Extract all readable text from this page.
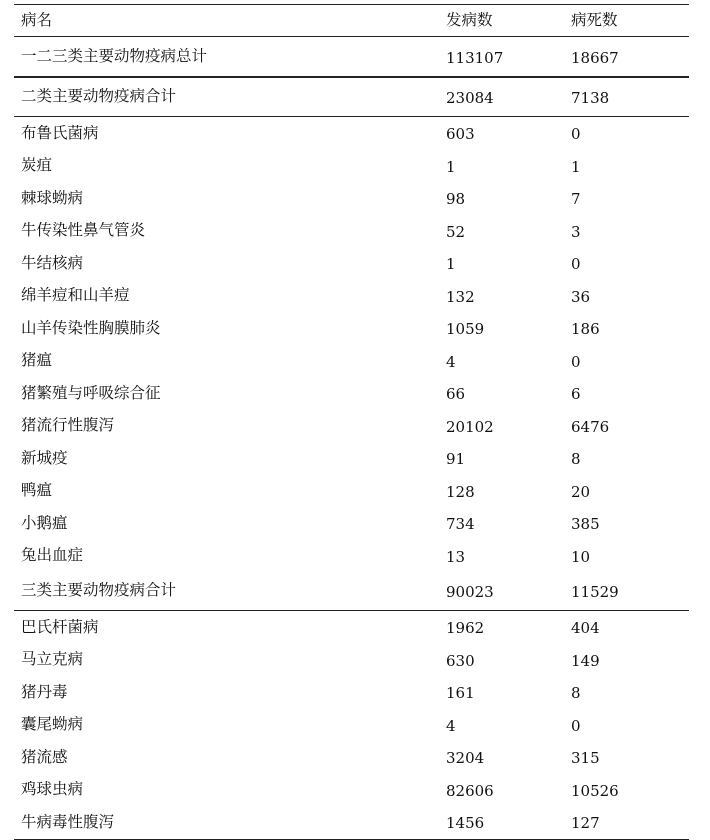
病名	发病数	病死数
一二三类主要动物疫病总计	113107	18667
二类主要动物疫病合计	23084	7138
布鲁氏菌病	603	0
炭疽	1	1
棘球蚴病	98	7
牛传染性鼻气管炎	52	3
牛结核病	1	0
绵羊痘和山羊痘	132	36
山羊传染性胸膜肺炎	1059	186
猪瘟	4	0
猪繁殖与呼吸综合征	66	6
猪流行性腹泻	20102	6476
新城疫	91	8
鸭瘟	128	20
小鹅瘟	734	385
兔出血症	13	10
三类主要动物疫病合计	90023	11529
巴氏杆菌病	1962	404
马立克病	630	149
猪丹毒	161	8
囊尾蚴病	4	0
猪流感	3204	315
鸡球虫病	82606	10526
牛病毒性腹泻	1456	127
